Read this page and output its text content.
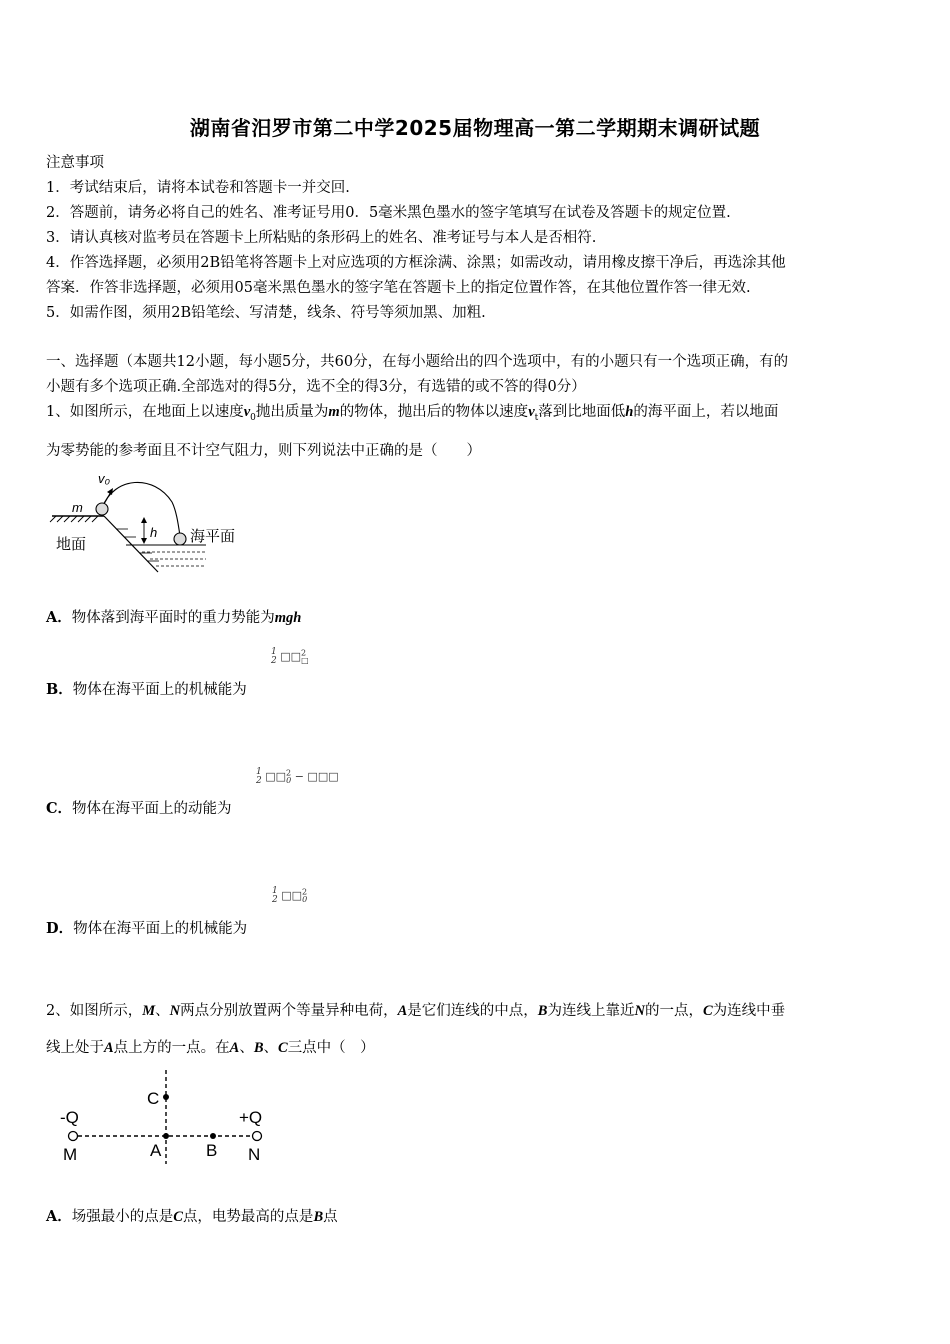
湖南省汨罗市第二中学2025届物理高一第二学期期末调研试题
注意事项
1．考试结束后，请将本试卷和答题卡一并交回.
2．答题前，请务必将自己的姓名、准考证号用0．5毫米黑色墨水的签字笔填写在试卷及答题卡的规定位置.
3．请认真核对监考员在答题卡上所粘贴的条形码上的姓名、准考证号与本人是否相符.
4．作答选择题，必须用2B铅笔将答题卡上对应选项的方框涂满、涂黑；如需改动，请用橡皮擦干净后，再选涂其他
答案．作答非选择题，必须用05毫米黑色墨水的签字笔在答题卡上的指定位置作答，在其他位置作答一律无效.
5．如需作图，须用2B铅笔绘、写清楚，线条、符号等须加黑、加粗.
一、选择题（本题共12小题，每小题5分，共60分，在每小题给出的四个选项中，有的小题只有一个选项正确，有的
小题有多个选项正确.全部选对的得5分，选不全的得3分，有选错的或不答的得0分）
1、如图所示，在地面上以速度$v_0$抛出质量为m的物体，抛出后的物体以速度$v_t$落到比地面低h的海平面上，若以地面
为零势能的参考面且不计空气阻力，则下列说法中正确的是（　　）
v₀
m
h
地面	海平面
A．物体落到海平面时的重力势能为mgh
1
2 □□$^2_□$
B．物体在海平面上的机械能为
1
2 □□$^2_0$ − □□□
C．物体在海平面上的动能为
1
2 □□$^2_0$
D．物体在海平面上的机械能为
2、如图所示，M、N两点分别放置两个等量异种电荷，A是它们连线的中点，B为连线上靠近N的一点，C为连线中垂
线上处于A点上方的一点。在A、B、C三点中（　）
-Q	+Q
C
M	A	B N
A．场强最小的点是C点，电势最高的点是B点
